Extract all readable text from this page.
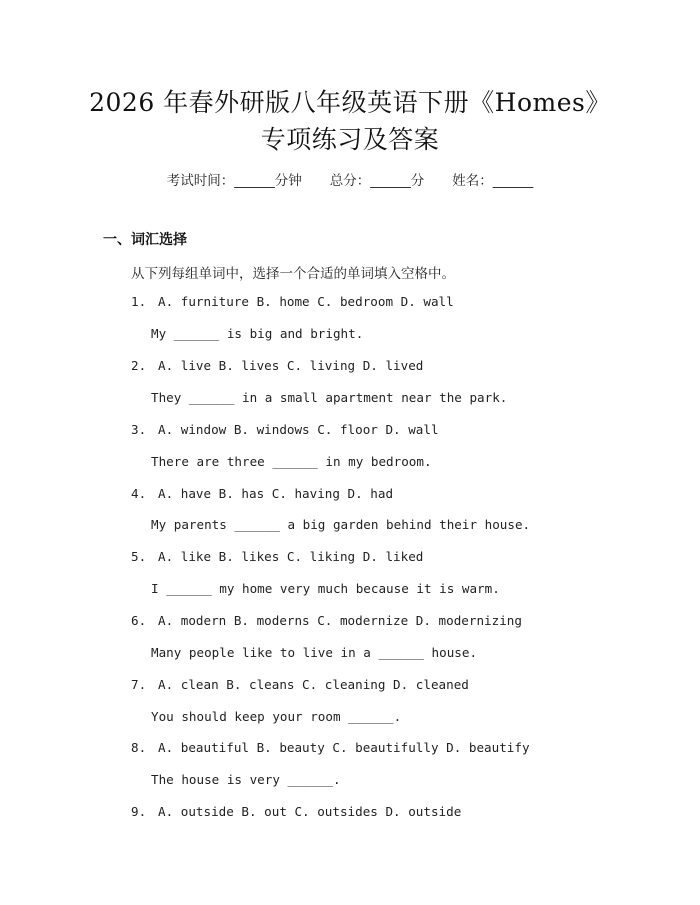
2026 年春外研版八年级英语下册《Homes》
专项练习及答案
考试时间：______分钟 总分：______分 姓名：______
一、词汇选择
从下列每组单词中，选择一个合适的单词填入空格中。
1. A. furniture B. home C. bedroom D. wall
My ______ is big and bright.
2. A. live B. lives C. living D. lived
They ______ in a small apartment near the park.
3. A. window B. windows C. floor D. wall
There are three ______ in my bedroom.
4. A. have B. has C. having D. had
My parents ______ a big garden behind their house.
5. A. like B. likes C. liking D. liked
I ______ my home very much because it is warm.
6. A. modern B. moderns C. modernize D. modernizing
Many people like to live in a ______ house.
7. A. clean B. cleans C. cleaning D. cleaned
You should keep your room ______.
8. A. beautiful B. beauty C. beautifully D. beautify
The house is very ______.
9. A. outside B. out C. outsides D. outside
